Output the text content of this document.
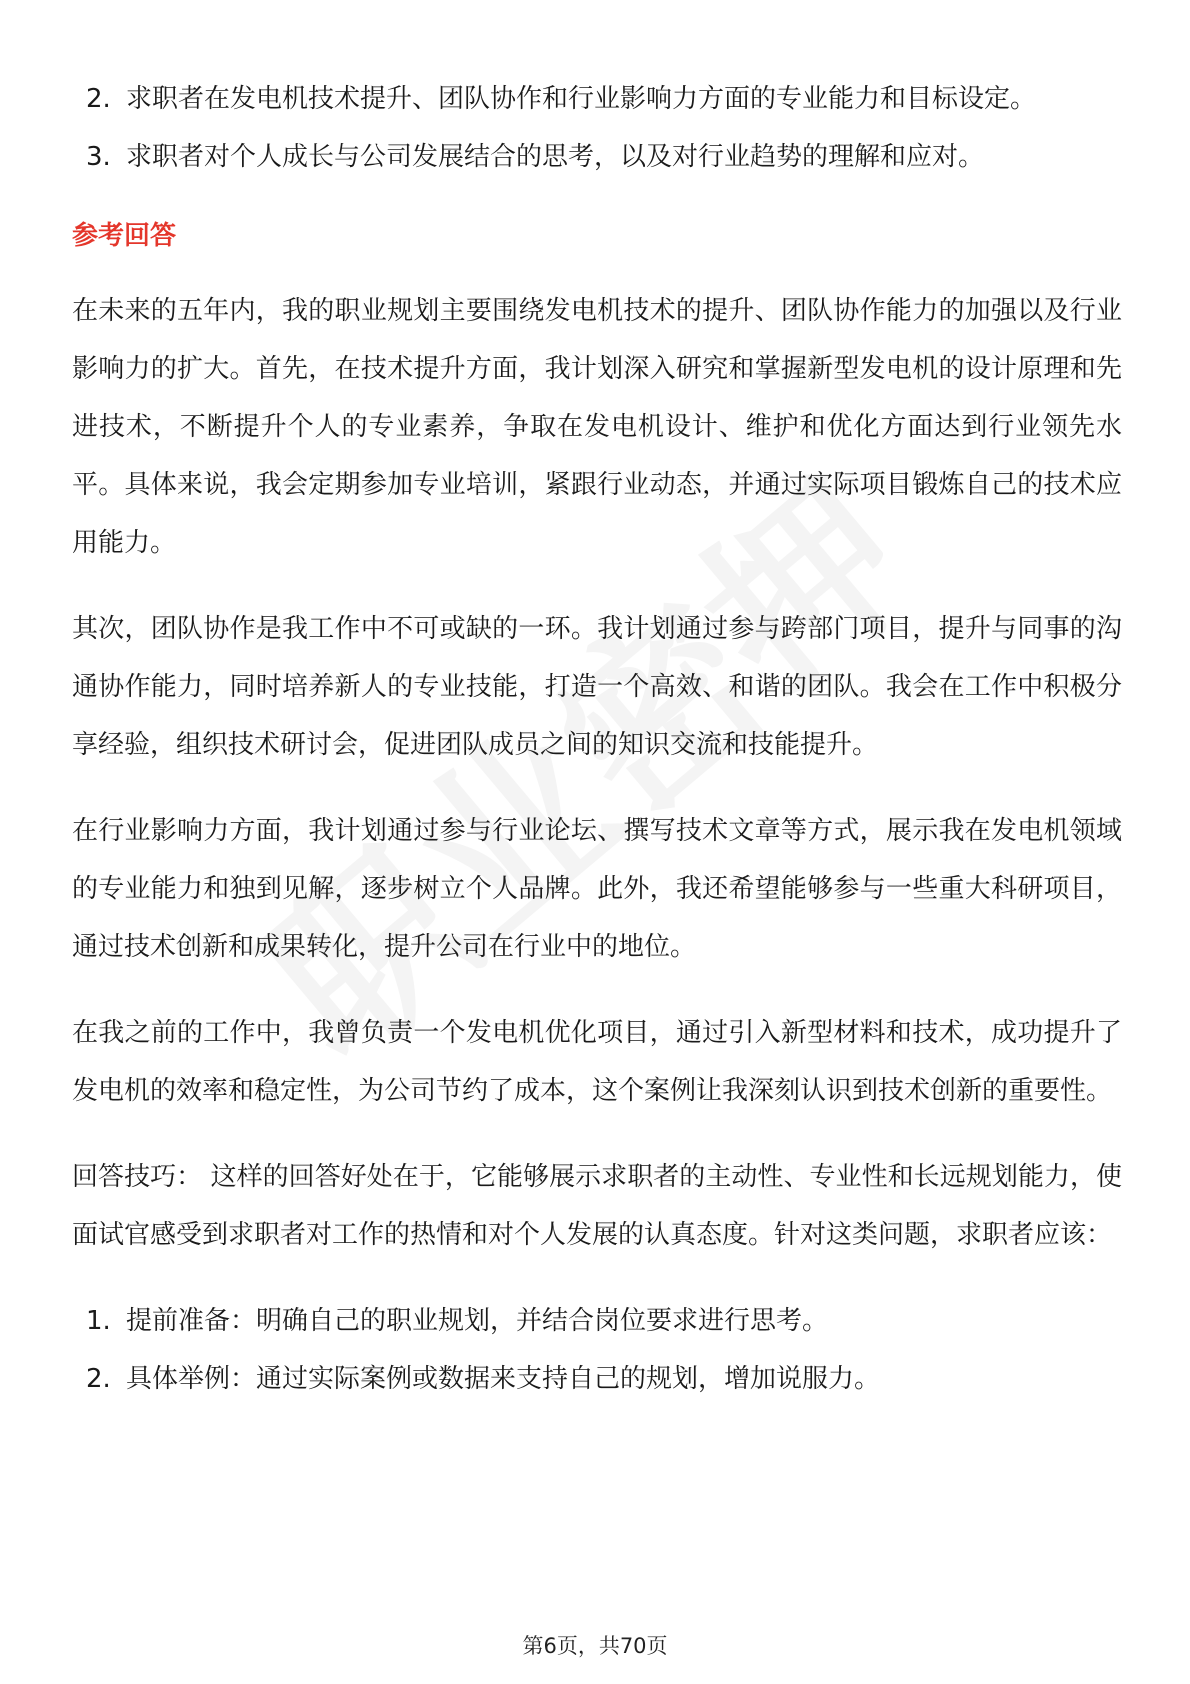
2. 求职者在发电机技术提升、团队协作和行业影响力方面的专业能力和目标设定。
3. 求职者对个人成长与公司发展结合的思考，以及对行业趋势的理解和应对。
参考回答

在未来的五年内，我的职业规划主要围绕发电机技术的提升、团队协作能力的加强以及行业影响力的扩大。首先，在技术提升方面，我计划深入研究和掌握新型发电机的设计原理和先进技术，不断提升个人的专业素养，争取在发电机设计、维护和优化方面达到行业领先水平。具体来说，我会定期参加专业培训，紧跟行业动态，并通过实际项目锻炼自己的技术应用能力。

其次，团队协作是我工作中不可或缺的一环。我计划通过参与跨部门项目，提升与同事的沟通协作能力，同时培养新人的专业技能，打造一个高效、和谐的团队。我会在工作中积极分享经验，组织技术研讨会，促进团队成员之间的知识交流和技能提升。

在行业影响力方面，我计划通过参与行业论坛、撰写技术文章等方式，展示我在发电机领域的专业能力和独到见解，逐步树立个人品牌。此外，我还希望能够参与一些重大科研项目，通过技术创新和成果转化，提升公司在行业中的地位。

在我之前的工作中，我曾负责一个发电机优化项目，通过引入新型材料和技术，成功提升了发电机的效率和稳定性，为公司节约了成本，这个案例让我深刻认识到技术创新的重要性。

回答技巧： 这样的回答好处在于，它能够展示求职者的主动性、专业性和长远规划能力，使面试官感受到求职者对工作的热情和对个人发展的认真态度。针对这类问题，求职者应该：

1. 提前准备：明确自己的职业规划，并结合岗位要求进行思考。
2. 具体举例：通过实际案例或数据来支持自己的规划，增加说服力。
第6页，共70页
